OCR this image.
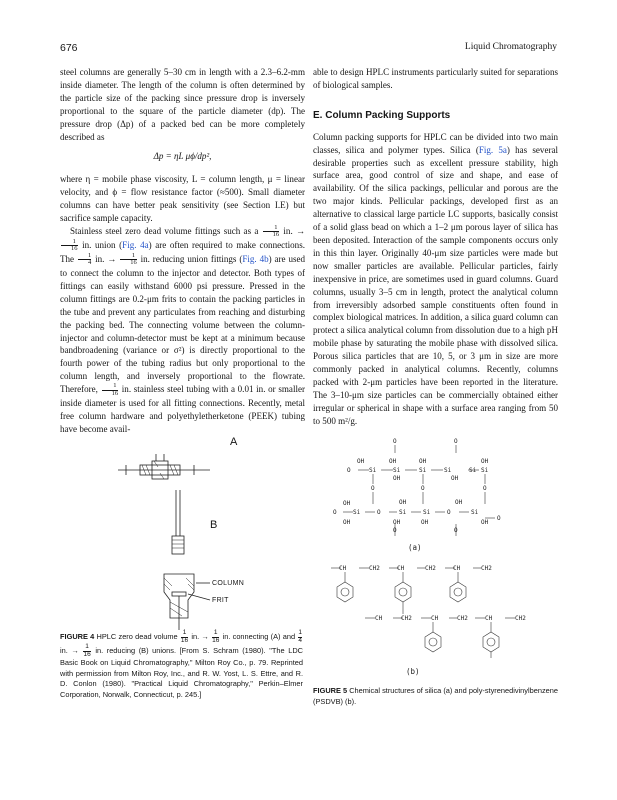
676	Liquid Chromatography

steel columns are generally 5–30 cm in length with a 2.3–6.2-mm inside diameter. The length of the column is often determined by the particle size of the packing since pressure drop is inversely proportional to the square of the particle diameter (dp). The pressure drop (Δp) of a packed bed can be more completely described as

Δp = ηL μϕ/dp²,

where η = mobile phase viscosity, L = column length, μ = linear velocity, and ϕ = flow resistance factor (≈500). Small diameter columns can have better peak sensitivity (see Section I.E) but sacrifice sample capacity.

Stainless steel zero dead volume fittings such as a $\frac{1}{16}$ in. →
$\frac{1}{16}$ in. union (Fig. 4a) are often required to make connections. The $\frac{1}{4}$ in. → $\frac{1}{16}$ in. reducing union fittings (Fig. 4b) are used to connect the column to the injector and detector. Both types of fittings can easily withstand 6000 psi pressure. Pressed in the column fittings are 0.2-μm frits to contain the packing particles in the tube and prevent any particulates from reaching and disturbing the packing bed. The connecting volume between the column-injector and column-detector must be kept at a minimum because bandbroadening (variance or σ²) is directly proportional to the fourth power of the tubing radius but only proportional to the column length, and inversely proportional to the flowrate. Therefore, $\frac{1}{16}$ in. stainless steel tubing with a 0.01 in. or smaller inside diameter is used for all fitting connections. Recently, metal free column hardware and polyethyletherketone (PEEK) tubing have become avail-

able to design HPLC instruments particularly suited for separations of biological samples.

E. Column Packing Supports

Column packing supports for HPLC can be divided into two main classes, silica and polymer types. Silica (Fig. 5a) has several desirable properties such as excellent pressure stability, high surface area, good control of size and shape, and ease of availability. Of the silica packings, pellicular and porous are the two major kinds. Pellicular packings, developed first as an alternative to classical large particle LC supports, basically consist of a solid glass bead on which a 1–2 μm porous layer of silica has been deposited. Interaction of the sample components occurs only in this thin layer. Originally 40-μm size particles were made but now smaller particles are available. Pellicular particles, fairly inexpensive in price, are sometimes used in guard columns. Guard columns, usually 3–5 cm in length, protect the analytical column from irreversibly adsorbed sample constituents often found in complex biological matrices. In addition, a silica guard column can protect a silica analytical column from dissolution due to a high pH mobile phase by saturating the mobile phase with dissolved silica. Porous silica particles that are 10, 5, or 3 μm in size are more commonly packed in analytical columns. Recently, columns packed with 2-μm particles have been reported in the literature. The 3–10-μm size particles can be commercially obtained either irregular or spherical in shape with a surface area ranging from 50 to 500 m²/g.

A
B
COLUMN
FRIT
FIGURE 4 HPLC zero dead volume $\frac{1}{16}$ in. → $\frac{1}{16}$ in. connecting (A) and $\frac{1}{4}$
in. → $\frac{1}{16}$ in. reducing (B) unions. [From S. Schram (1980). "The LDC Basic Book on Liquid Chromatography," Milton Roy Co., p. 79. Reprinted with permission from Milton Roy, Inc., and R. W. Yost, L. S. Ettre, and R. D. Conlon (1980). "Practical Liquid Chromatography," Perkin–Elmer Corporation, Norwalk, Connecticut, p. 245.]
O	O
OH	OH	OH	OH
O	Si	Si	Si	Si	Si Si
OH	OH
O	O	O
O
OH
Si	O	Si	Si	O	Si
O
OH	OH
OH	OH	OH	OH
O	O
(a)
CH	CH2	CH	CH2	CH	CH2
CH	CH2	CH	CH2	CH	CH2
(b)
FIGURE 5 Chemical structures of silica (a) and poly-styrenedivinylbenzene (PSDVB) (b).
